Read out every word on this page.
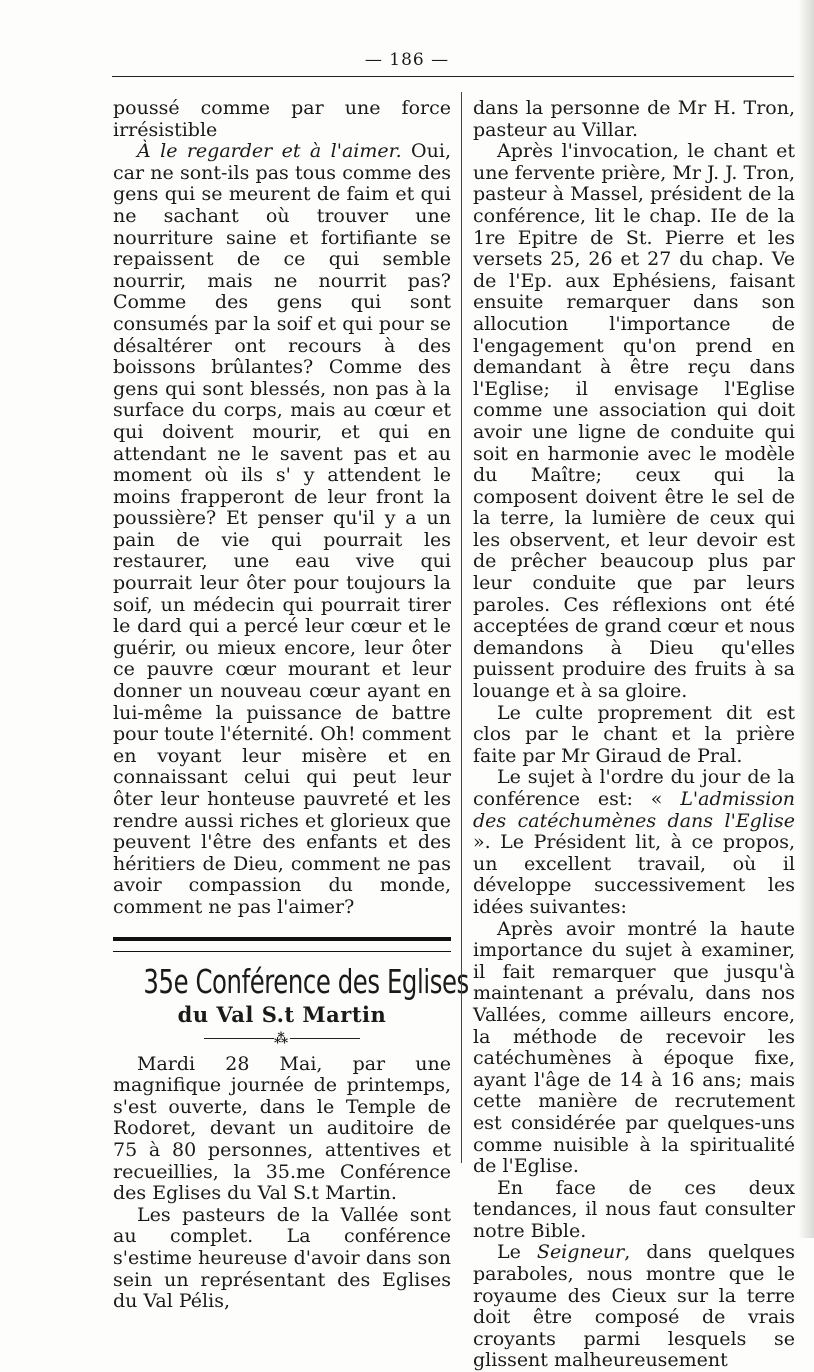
— 186 —

poussé comme par une force irrésistible

À le regarder et à l'aimer. Oui, car ne sont-ils pas tous comme des gens qui se meurent de faim et qui ne sachant où trouver une nourriture saine et fortifiante se repaissent de ce qui semble nourrir, mais ne nourrit pas? Comme des gens qui sont consumés par la soif et qui pour se désaltérer ont recours à des boissons brûlantes? Comme des gens qui sont blessés, non pas à la surface du corps, mais au cœur et qui doivent mourir, et qui en attendant ne le savent pas et au moment où ils s' y attendent le moins frapperont de leur front la poussière? Et penser qu'il y a un pain de vie qui pourrait les restaurer, une eau vive qui pourrait leur ôter pour toujours la soif, un médecin qui pourrait tirer le dard qui a percé leur cœur et le guérir, ou mieux encore, leur ôter ce pauvre cœur mourant et leur donner un nouveau cœur ayant en lui-même la puissance de battre pour toute l'éternité. Oh! comment en voyant leur misère et en connaissant celui qui peut leur ôter leur honteuse pauvreté et les rendre aussi riches et glorieux que peuvent l'être des enfants et des héritiers de Dieu, comment ne pas avoir compassion du monde, comment ne pas l'aimer?

35e Conférence des Eglises
du Val S.t Martin
⁂

Mardi 28 Mai, par une magnifique journée de printemps, s'est ouverte, dans le Temple de Rodoret, devant un auditoire de 75 à 80 personnes, attentives et recueillies, la 35.me Conférence des Eglises du Val S.t Martin.

Les pasteurs de la Vallée sont au complet. La conférence s'estime heureuse d'avoir dans son sein un représentant des Eglises du Val Pélis,

dans la personne de Mr H. Tron, pasteur au Villar.

Après l'invocation, le chant et une fervente prière, Mr J. J. Tron, pasteur à Massel, président de la conférence, lit le chap. IIe de la 1re Epitre de St. Pierre et les versets 25, 26 et 27 du chap. Ve de l'Ep. aux Ephésiens, faisant ensuite remarquer dans son allocution l'importance de l'engagement qu'on prend en demandant à être reçu dans l'Eglise; il envisage l'Eglise comme une association qui doit avoir une ligne de conduite qui soit en harmonie avec le modèle du Maître; ceux qui la composent doivent être le sel de la terre, la lumière de ceux qui les observent, et leur devoir est de prêcher beaucoup plus par leur conduite que par leurs paroles. Ces réflexions ont été acceptées de grand cœur et nous demandons à Dieu qu'elles puissent produire des fruits à sa louange et à sa gloire.

Le culte proprement dit est clos par le chant et la prière faite par Mr Giraud de Pral.

Le sujet à l'ordre du jour de la conférence est: « L'admission des catéchumènes dans l'Eglise ». Le Président lit, à ce propos, un excellent travail, où il développe successivement les idées suivantes:

Après avoir montré la haute importance du sujet à examiner, il fait remarquer que jusqu'à maintenant a prévalu, dans nos Vallées, comme ailleurs encore, la méthode de recevoir les catéchumènes à époque fixe, ayant l'âge de 14 à 16 ans; mais cette manière de recrutement est considérée par quelques-uns comme nuisible à la spiritualité de l'Eglise.

En face de ces deux tendances, il nous faut consulter notre Bible.

Le Seigneur, dans quelques paraboles, nous montre que le royaume des Cieux sur la terre doit être composé de vrais croyants parmi lesquels se glissent malheureusement
